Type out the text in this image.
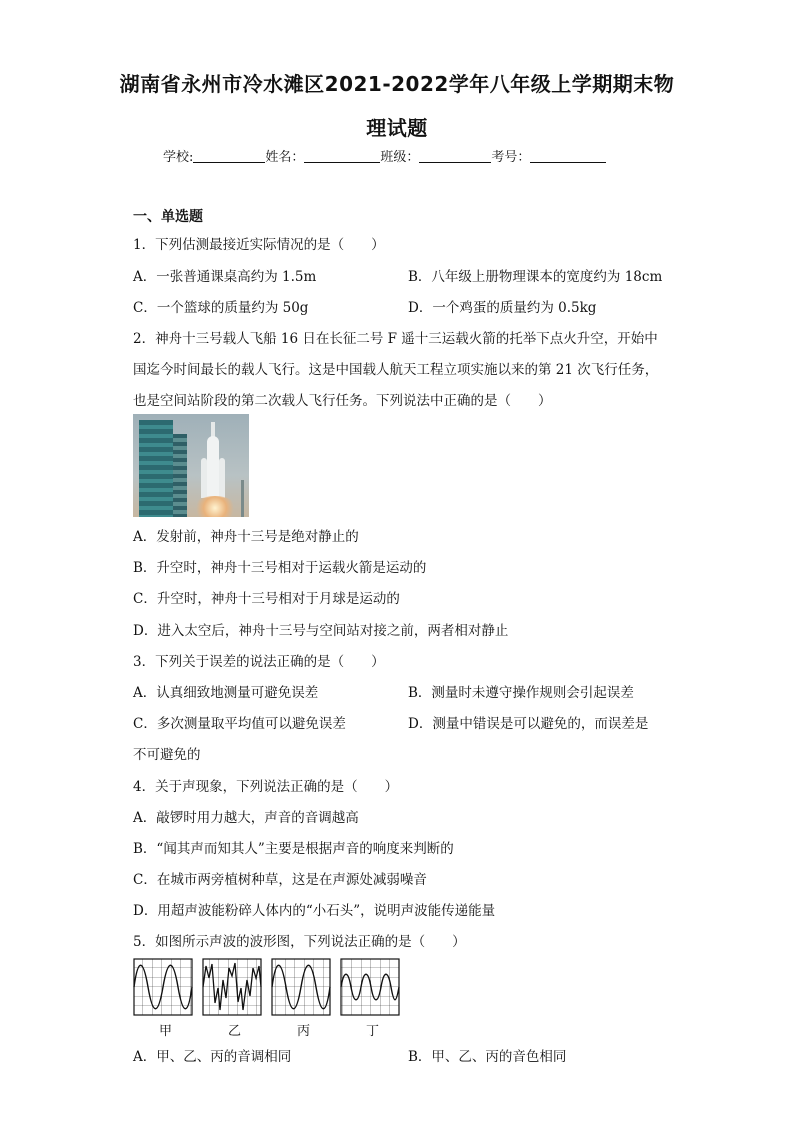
湖南省永州市冷水滩区2021-2022学年八年级上学期期末物
理试题
学校:	姓名：	班级：	考号：
一、单选题
1．下列估测最接近实际情况的是（　　）
A．一张普通课桌高约为 1.5m	B．八年级上册物理课本的宽度约为 18cm
C．一个篮球的质量约为 50g	D．一个鸡蛋的质量约为 0.5kg
2．神舟十三号载人飞船 16 日在长征二号 F 遥十三运载火箭的托举下点火升空，开始中
国迄今时间最长的载人飞行。这是中国载人航天工程立项实施以来的第 21 次飞行任务，
也是空间站阶段的第二次载人飞行任务。下列说法中正确的是（　　）
A．发射前，神舟十三号是绝对静止的
B．升空时，神舟十三号相对于运载火箭是运动的
C．升空时，神舟十三号相对于月球是运动的
D．进入太空后，神舟十三号与空间站对接之前，两者相对静止
3．下列关于误差的说法正确的是（　　）
A．认真细致地测量可避免误差	B．测量时未遵守操作规则会引起误差
C．多次测量取平均值可以避免误差	D．测量中错误是可以避免的，而误差是
不可避免的
4．关于声现象，下列说法正确的是（　　）
A．敲锣时用力越大，声音的音调越高
B．“闻其声而知其人”主要是根据声音的响度来判断的
C．在城市两旁植树种草，这是在声源处减弱噪音
D．用超声波能粉碎人体内的“小石头”，说明声波能传递能量
5．如图所示声波的波形图，下列说法正确的是（　　）
甲	乙	丙	丁
A．甲、乙、丙的音调相同	B．甲、乙、丙的音色相同
